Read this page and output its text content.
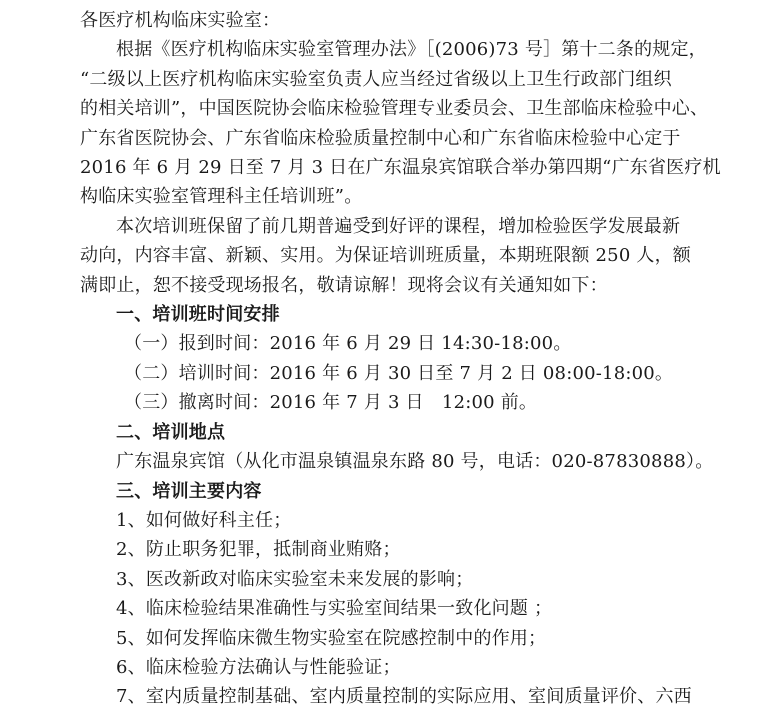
各医疗机构临床实验室：
根据《医疗机构临床实验室管理办法》［(2006)73 号］第十二条的规定，
“二级以上医疗机构临床实验室负责人应当经过省级以上卫生行政部门组织
的相关培训”，中国医院协会临床检验管理专业委员会、卫生部临床检验中心、
广东省医院协会、广东省临床检验质量控制中心和广东省临床检验中心定于
2016 年 6 月 29 日至 7 月 3 日在广东温泉宾馆联合举办第四期“广东省医疗机
构临床实验室管理科主任培训班”。
本次培训班保留了前几期普遍受到好评的课程，增加检验医学发展最新
动向，内容丰富、新颖、实用。为保证培训班质量，本期班限额 250 人，额
满即止，恕不接受现场报名，敬请谅解！现将会议有关通知如下：
一、培训班时间安排
（一）报到时间：2016 年 6 月 29 日 14:30-18:00。
（二）培训时间：2016 年 6 月 30 日至 7 月 2 日 08:00-18:00。
（三）撤离时间：2016 年 7 月 3 日　12:00 前。
二、培训地点
广东温泉宾馆（从化市温泉镇温泉东路 80 号，电话：020-87830888）。
三、培训主要内容
1、如何做好科主任；
2、防止职务犯罪，抵制商业贿赂；
3、医改新政对临床实验室未来发展的影响；
4、临床检验结果准确性与实验室间结果一致化问题 ；
5、如何发挥临床微生物实验室在院感控制中的作用；
6、临床检验方法确认与性能验证；
7、室内质量控制基础、室内质量控制的实际应用、室间质量评价、六西
